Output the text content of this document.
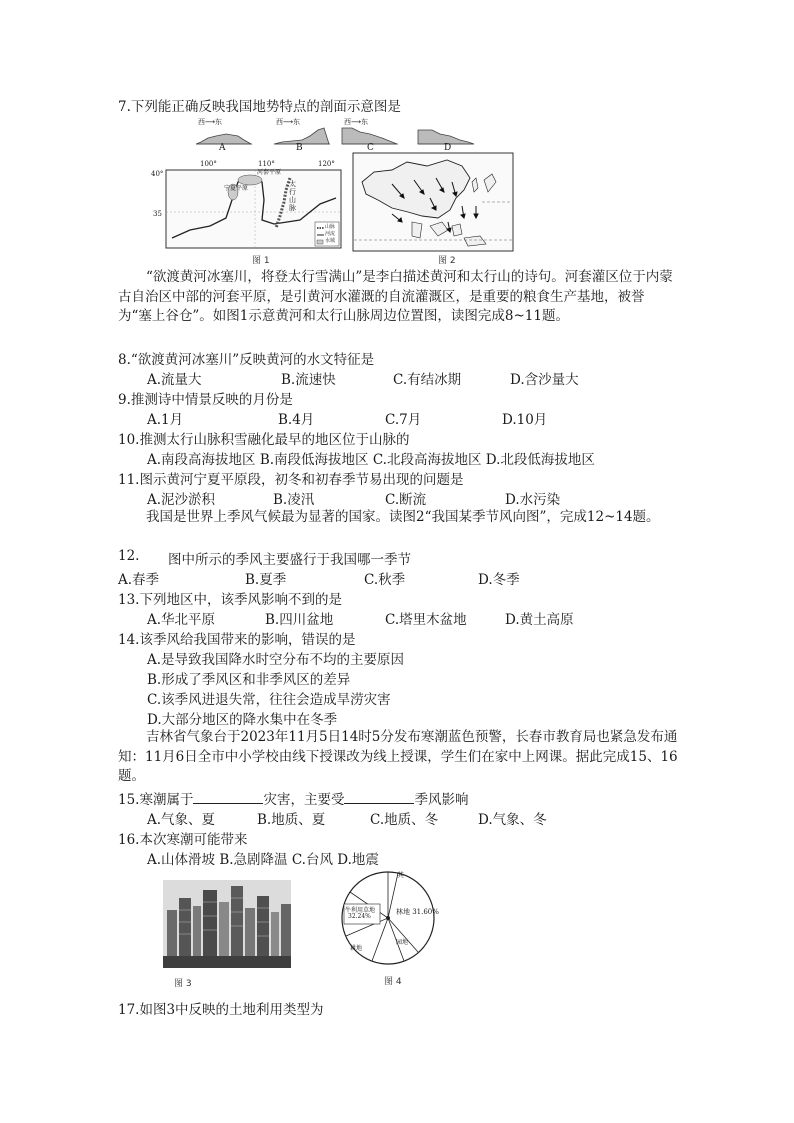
7.下列能正确反映我国地势特点的剖面示意图是
西⟶东	西⟶东	西⟶东
A	B	C	D
100°	110°	120°
40°
35
宁夏平原
河套平原
太行山脉
山脉
河流
水城
图 1	图 2
“欲渡黄河冰塞川，将登太行雪满山”是李白描述黄河和太行山的诗句。河套灌区位于内蒙古自治区中部的河套平原，是引黄河水灌溉的自流灌溉区，是重要的粮食生产基地，被誉为“塞上谷仓”。如图1示意黄河和太行山脉周边位置图，读图完成8~11题。
8.“欲渡黄河冰塞川”反映黄河的水文特征是
A.流量大	B.流速快	C.有结冰期	D.含沙量大
9.推测诗中情景反映的月份是
A.1月	B.4月	C.7月	D.10月
10.推测太行山脉积雪融化最早的地区位于山脉的
A.南段高海拔地区 B.南段低海拔地区 C.北段高海拔地区 D.北段低海拔地区
11.图示黄河宁夏平原段，初冬和初春季节易出现的问题是
A.泥沙淤积	B.凌汛	C.断流	D.水污染
我国是世界上季风气候最为显著的国家。读图2“我国某季节风向图”，完成12~14题。
12. 图中所示的季风主要盛行于我国哪一季节
A.春季	B.夏季	C.秋季	D.冬季
13.下列地区中，该季风影响不到的是
A.华北平原	B.四川盆地	C.塔里木盆地	D.黄土高原
14.该季风给我国带来的影响，错误的是
A.是导致我国降水时空分布不均的主要原因
B.形成了季风区和非季风区的差异
C.该季风进退失常，往往会造成旱涝灾害
D.大部分地区的降水集中在冬季
吉林省气象台于2023年11月5日14时5分发布寒潮蓝色预警，长春市教育局也紧急发布通知：11月6日全市中小学校由线下授课改为线上授课，学生们在家中上网课。据此完成15、16题。
15.寒潮属于	灾害，主要受	季风影响
A.气象、夏	B.地质、夏	C.地质、冬	D.气象、冬
16.本次寒潮可能带来
A.山体滑坡 B.急剧降温 C.台风 D.地震
图 3
耕地
园地
其
牛利用草地
32.24%
林地 31.60%
图 4
17.如图3中反映的土地利用类型为
